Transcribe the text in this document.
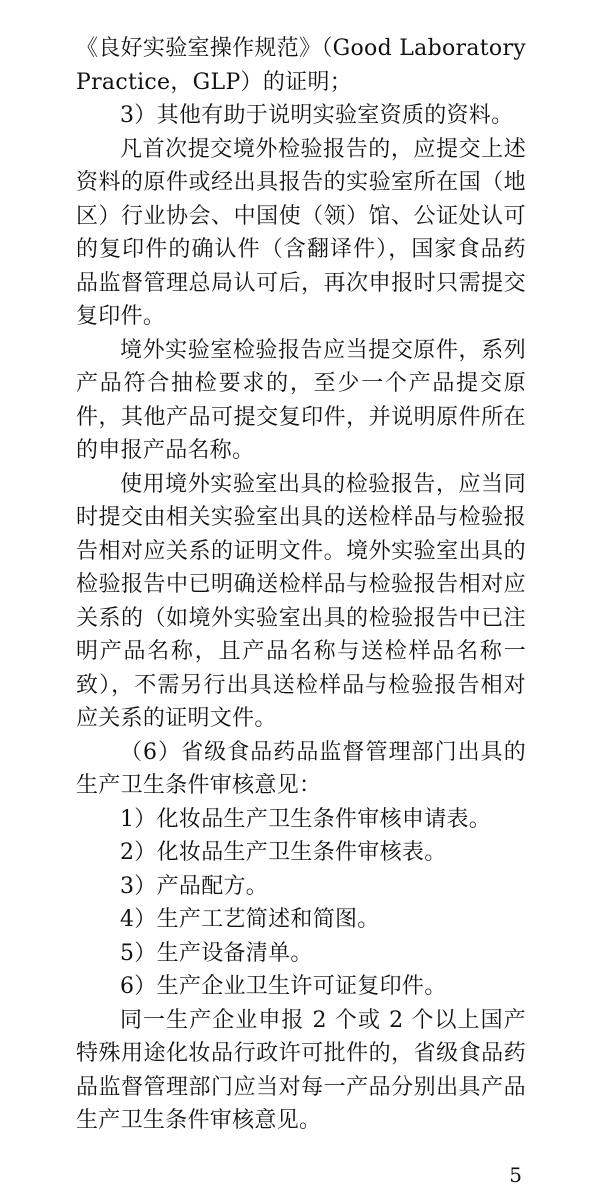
《良好实验室操作规范》（Good Laboratory Practice，GLP）的证明；

3）其他有助于说明实验室资质的资料。

凡首次提交境外检验报告的，应提交上述资料的原件或经出具报告的实验室所在国（地区）行业协会、中国使（领）馆、公证处认可的复印件的确认件（含翻译件），国家食品药品监督管理总局认可后，再次申报时只需提交复印件。

境外实验室检验报告应当提交原件，系列产品符合抽检要求的，至少一个产品提交原件，其他产品可提交复印件，并说明原件所在的申报产品名称。

使用境外实验室出具的检验报告，应当同时提交由相关实验室出具的送检样品与检验报告相对应关系的证明文件。境外实验室出具的检验报告中已明确送检样品与检验报告相对应关系的（如境外实验室出具的检验报告中已注明产品名称，且产品名称与送检样品名称一致），不需另行出具送检样品与检验报告相对应关系的证明文件。

（6）省级食品药品监督管理部门出具的生产卫生条件审核意见：

1）化妆品生产卫生条件审核申请表。

2）化妆品生产卫生条件审核表。

3）产品配方。

4）生产工艺简述和简图。

5）生产设备清单。

6）生产企业卫生许可证复印件。

同一生产企业申报 2 个或 2 个以上国产特殊用途化妆品行政许可批件的，省级食品药品监督管理部门应当对每一产品分别出具产品生产卫生条件审核意见。

5
